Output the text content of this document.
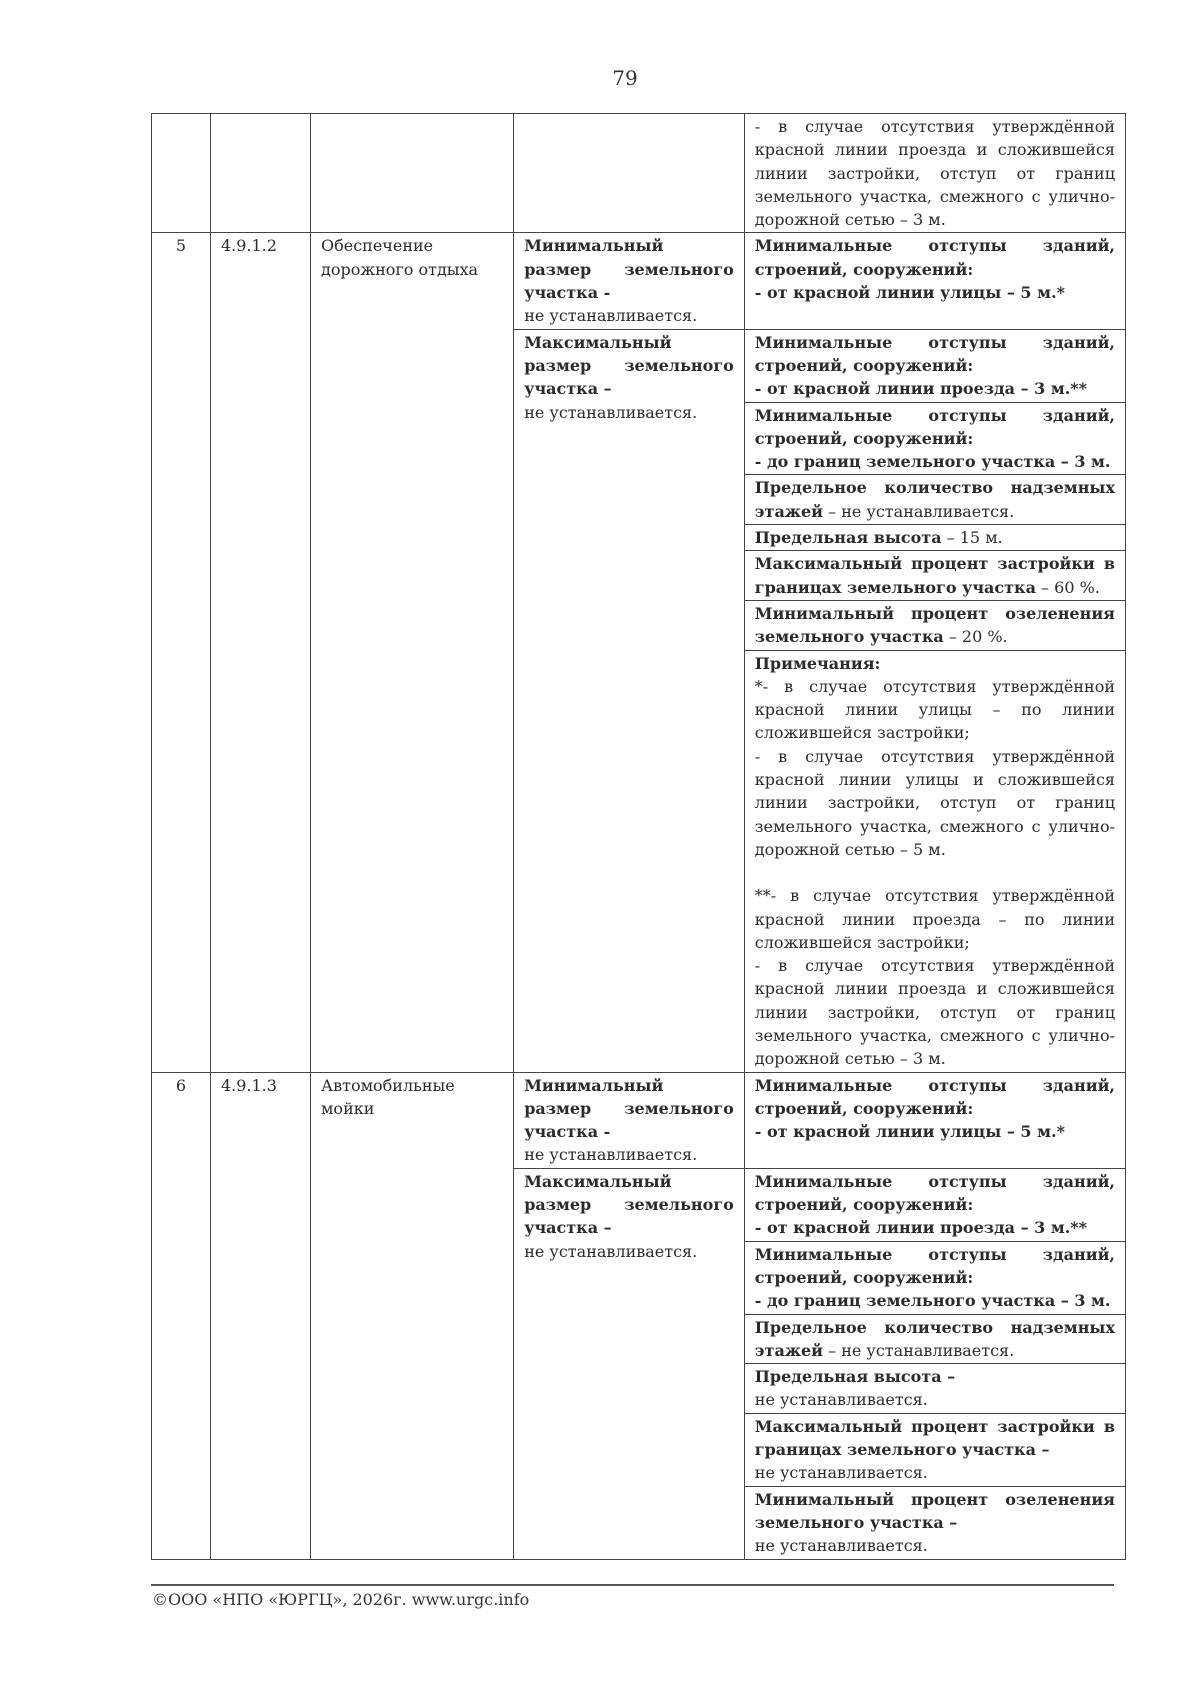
79
				- в случае отсутствия утверждённой красной линии проезда и сложившейся линии застройки, отступ от границ земельного участка, смежного с улично-дорожной сетью – 3 м.
5	4.9.1.2	Обеспечение дорожного отдыха	Минимальный размер земельного участка -
не устанавливается.	Минимальные отступы зданий, строений, сооружений:
- от красной линии улицы – 5 м.*

			Максимальный размер земельного участка –
не устанавливается.	Минимальные отступы зданий, строений, сооружений:
- от красной линии проезда – 3 м.**

				Минимальные отступы зданий, строений, сооружений:
- до границ земельного участка – 3 м.

				Предельное количество надземных этажей – не устанавливается.
				Предельная высота – 15 м.
				Максимальный процент застройки в границах земельного участка – 60 %.
				Минимальный процент озеленения земельного участка – 20 %.

				Примечания:
*- в случае отсутствия утверждённой красной линии улицы – по линии сложившейся застройки;
- в случае отсутствия утверждённой красной линии улицы и сложившейся линии застройки, отступ от границ земельного участка, смежного с улично-дорожной сетью – 5 м.
**- в случае отсутствия утверждённой красной линии проезда – по линии сложившейся застройки;
- в случае отсутствия утверждённой красной линии проезда и сложившейся линии застройки, отступ от границ земельного участка, смежного с улично-дорожной сетью – 3 м.

6	4.9.1.3	Автомобильные мойки	Минимальный размер земельного участка -
не устанавливается.	Минимальные отступы зданий, строений, сооружений:
- от красной линии улицы – 5 м.*

			Максимальный размер земельного участка –
не устанавливается.	Минимальные отступы зданий, строений, сооружений:
- от красной линии проезда – 3 м.**

				Минимальные отступы зданий, строений, сооружений:
- до границ земельного участка – 3 м.

				Предельное количество надземных этажей – не устанавливается.

				Предельная высота –
не устанавливается.

				Максимальный процент застройки в границах земельного участка –
не устанавливается.

				Минимальный процент озеленения земельного участка –
не устанавливается.
©ООО «НПО «ЮРГЦ», 2026г. www.urgc.info
